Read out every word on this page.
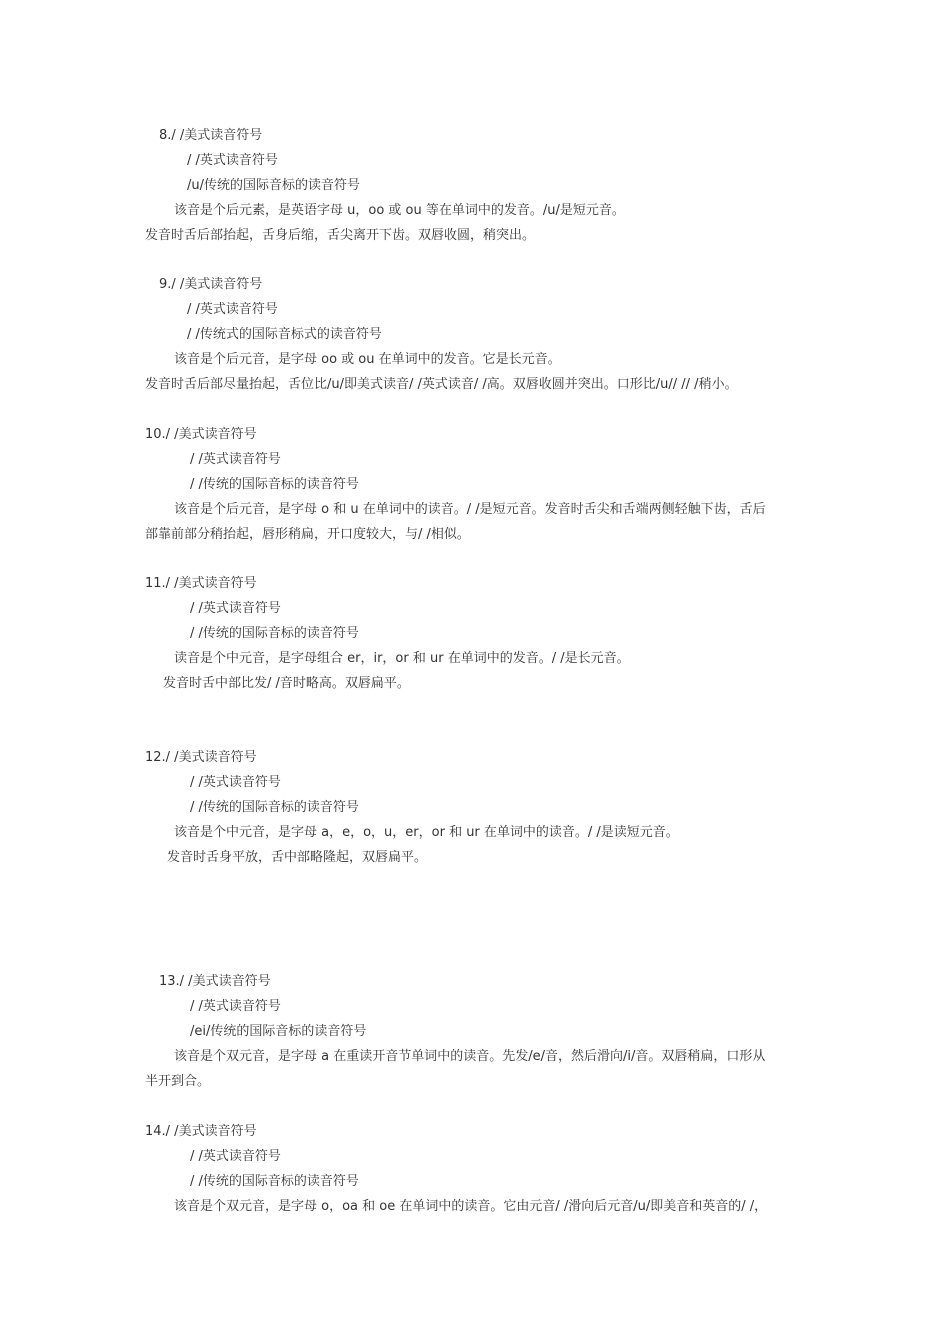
8./ /美式读音符号
/ /英式读音符号
/u/传统的国际音标的读音符号
该音是个后元素，是英语字母 u，oo 或 ou 等在单词中的发音。/u/是短元音。
发音时舌后部抬起，舌身后缩，舌尖离开下齿。双唇收圆，稍突出。
9./ /美式读音符号
/ /英式读音符号
/ /传统式的国际音标式的读音符号
该音是个后元音，是字母 oo 或 ou 在单词中的发音。它是长元音。
发音时舌后部尽量抬起，舌位比/u/即美式读音/ /英式读音/ /高。双唇收圆并突出。口形比/u// // /稍小。
10./ /美式读音符号
/ /英式读音符号
/ /传统的国际音标的读音符号
该音是个后元音，是字母 o 和 u 在单词中的读音。/ /是短元音。发音时舌尖和舌端两侧轻触下齿，舌后
部靠前部分稍抬起，唇形稍扁，开口度较大，与/ /相似。
11./ /美式读音符号
/ /英式读音符号
/ /传统的国际音标的读音符号
读音是个中元音，是字母组合 er，ir，or 和 ur 在单词中的发音。/ /是长元音。
发音时舌中部比发/ /音时略高。双唇扁平。
12./ /美式读音符号
/ /英式读音符号
/ /传统的国际音标的读音符号
该音是个中元音，是字母 a，e，o，u，er，or 和 ur 在单词中的读音。/ /是读短元音。
发音时舌身平放，舌中部略隆起，双唇扁平。
13./ /美式读音符号
/ /英式读音符号
/ei/传统的国际音标的读音符号
该音是个双元音，是字母 a 在重读开音节单词中的读音。先发/e/音，然后滑向/i/音。双唇稍扁，口形从
半开到合。
14./ /美式读音符号
/ /英式读音符号
/ /传统的国际音标的读音符号
该音是个双元音，是字母 o，oa 和 oe 在单词中的读音。它由元音/ /滑向后元音/u/即美音和英音的/ /，
